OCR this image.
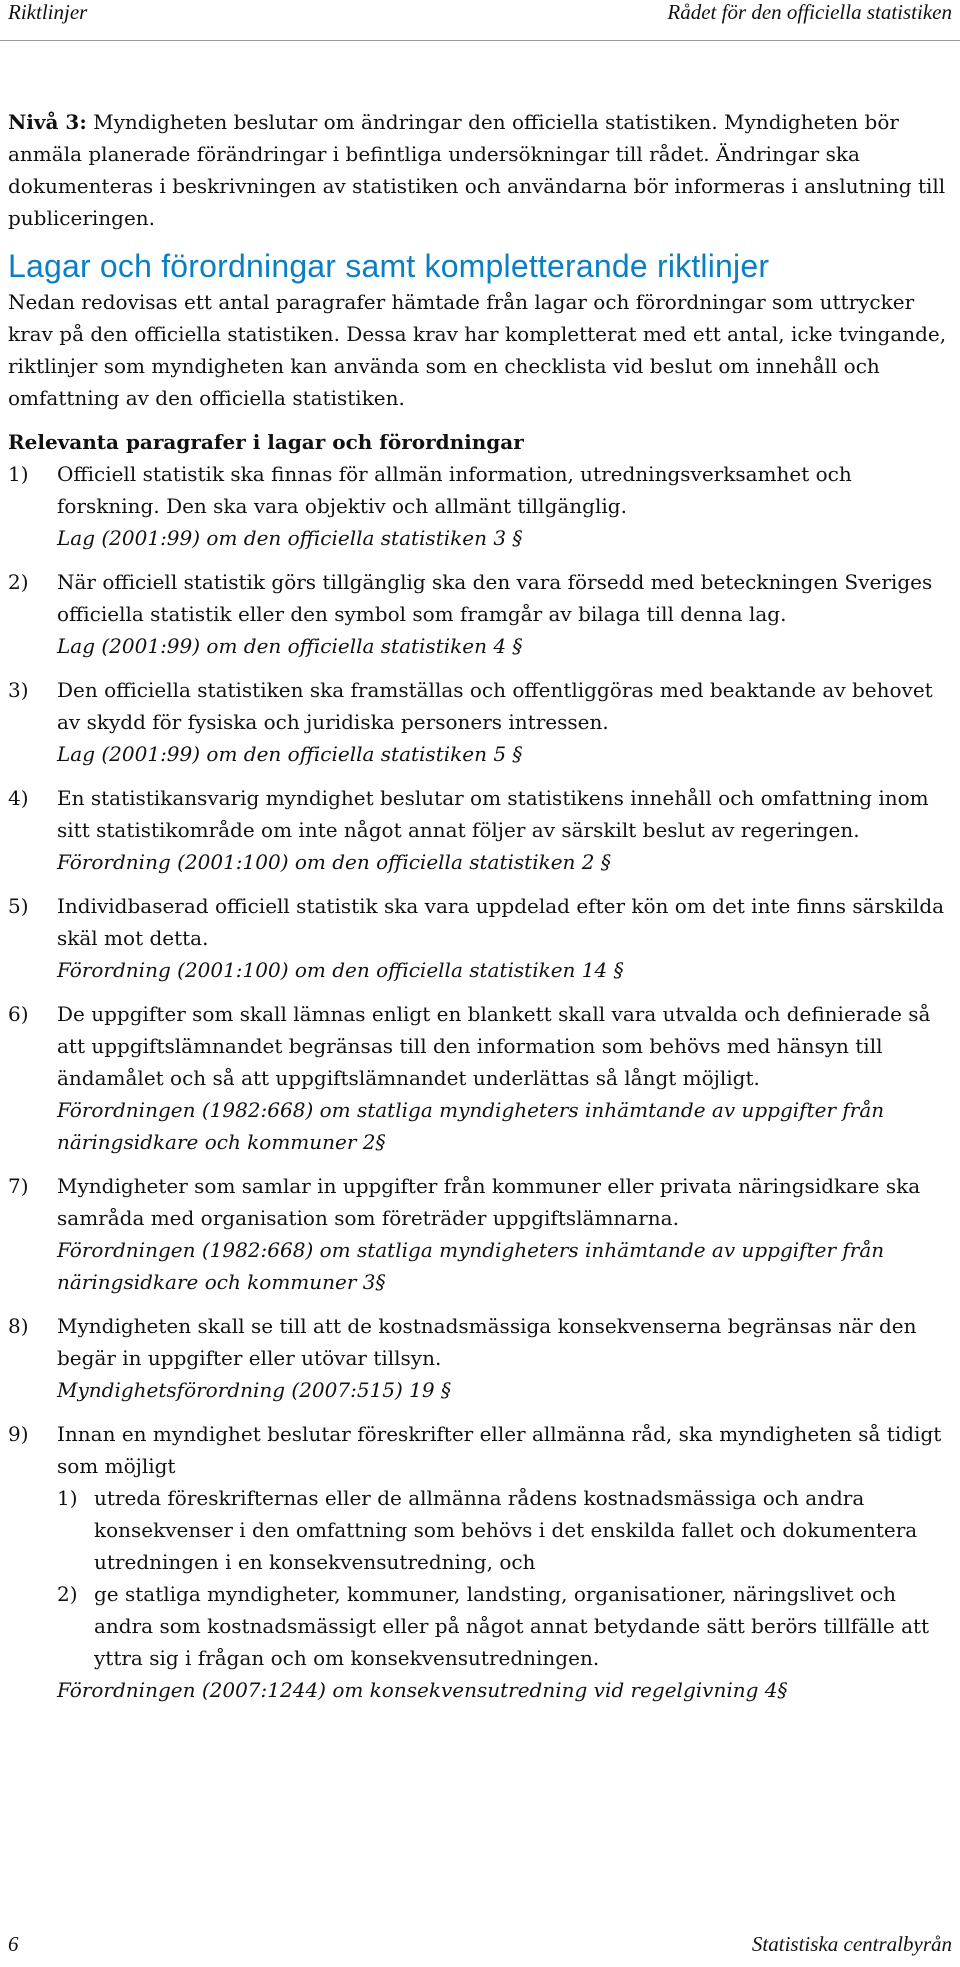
Riktlinjer	Rådet för den officiella statistiken

Nivå 3: Myndigheten beslutar om ändringar den officiella statistiken. Myndigheten bör anmäla planerade förändringar i befintliga undersökningar till rådet. Ändringar ska dokumenteras i beskrivningen av statistiken och användarna bör informeras i anslutning till publiceringen.

Lagar och förordningar samt kompletterande riktlinjer

Nedan redovisas ett antal paragrafer hämtade från lagar och förordningar som uttrycker krav på den officiella statistiken. Dessa krav har kompletterat med ett antal, icke tvingande, riktlinjer som myndigheten kan använda som en checklista vid beslut om innehåll och omfattning av den officiella statistiken.

Relevanta paragrafer i lagar och förordningar
1) Officiell statistik ska finnas för allmän information, utredningsverksamhet och forskning. Den ska vara objektiv och allmänt tillgänglig.

Lag (2001:99) om den officiella statistiken 3 §

2) När officiell statistik görs tillgänglig ska den vara försedd med beteckningen Sveriges officiella statistik eller den symbol som framgår av bilaga till denna lag.

Lag (2001:99) om den officiella statistiken 4 §

3) Den officiella statistiken ska framställas och offentliggöras med beaktande av behovet av skydd för fysiska och juridiska personers intressen.

Lag (2001:99) om den officiella statistiken 5 §

4) En statistikansvarig myndighet beslutar om statistikens innehåll och omfattning inom sitt statistikområde om inte något annat följer av särskilt beslut av regeringen.

Förordning (2001:100) om den officiella statistiken 2 §

5) Individbaserad officiell statistik ska vara uppdelad efter kön om det inte finns särskilda skäl mot detta.

Förordning (2001:100) om den officiella statistiken 14 §

6) De uppgifter som skall lämnas enligt en blankett skall vara utvalda och definierade så att uppgiftslämnandet begränsas till den information som behövs med hänsyn till ändamålet och så att uppgiftslämnandet underlättas så långt möjligt.

Förordningen (1982:668) om statliga myndigheters inhämtande av uppgifter från näringsidkare och kommuner 2§

7) Myndigheter som samlar in uppgifter från kommuner eller privata näringsidkare ska samråda med organisation som företräder uppgiftslämnarna.

Förordningen (1982:668) om statliga myndigheters inhämtande av uppgifter från näringsidkare och kommuner 3§

8) Myndigheten skall se till att de kostnadsmässiga konsekvenserna begränsas när den begär in uppgifter eller utövar tillsyn.

Myndighetsförordning (2007:515) 19 §

9) Innan en myndighet beslutar föreskrifter eller allmänna råd, ska myndigheten så tidigt som möjligt

1) utreda föreskrifternas eller de allmänna rådens kostnadsmässiga och andra konsekvenser i den omfattning som behövs i det enskilda fallet och dokumentera utredningen i en konsekvensutredning, och

2) ge statliga myndigheter, kommuner, landsting, organisationer, näringslivet och andra som kostnadsmässigt eller på något annat betydande sätt berörs tillfälle att yttra sig i frågan och om konsekvensutredningen.

Förordningen (2007:1244) om konsekvensutredning vid regelgivning 4§

6	Statistiska centralbyrån
